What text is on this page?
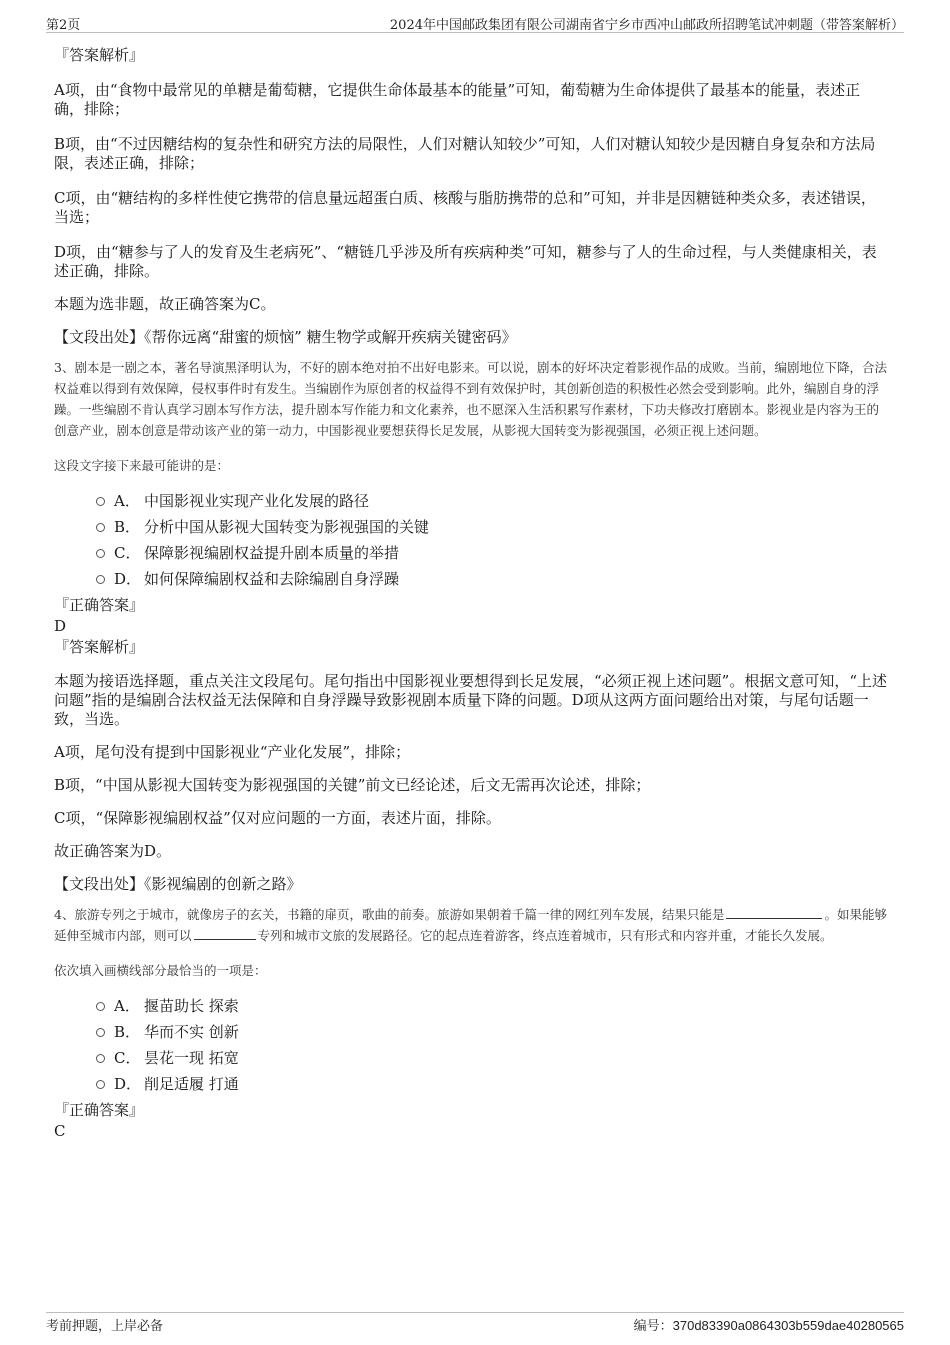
第2页	2024年中国邮政集团有限公司湖南省宁乡市西冲山邮政所招聘笔试冲刺题（带答案解析）

『答案解析』

A项，由“食物中最常见的单糖是葡萄糖，它提供生命体最基本的能量”可知，葡萄糖为生命体提供了最基本的能量，表述正确，排除；

B项，由“不过因糖结构的复杂性和研究方法的局限性，人们对糖认知较少”可知，人们对糖认知较少是因糖自身复杂和方法局限，表述正确，排除；

C项，由“糖结构的多样性使它携带的信息量远超蛋白质、核酸与脂肪携带的总和”可知，并非是因糖链种类众多，表述错误，当选；

D项，由“糖参与了人的发育及生老病死”、“糖链几乎涉及所有疾病种类”可知，糖参与了人的生命过程，与人类健康相关，表述正确，排除。

本题为选非题，故正确答案为C。

【文段出处】《帮你远离“甜蜜的烦恼” 糖生物学或解开疾病关键密码》

3、剧本是一剧之本，著名导演黑泽明认为，不好的剧本绝对拍不出好电影来。可以说，剧本的好坏决定着影视作品的成败。当前，编剧地位下降，合法权益难以得到有效保障，侵权事件时有发生。当编剧作为原创者的权益得不到有效保护时，其创新创造的积极性必然会受到影响。此外，编剧自身的浮躁。一些编剧不肯认真学习剧本写作方法，提升剧本写作能力和文化素养，也不愿深入生活积累写作素材，下功夫修改打磨剧本。影视业是内容为王的创意产业，剧本创意是带动该产业的第一动力，中国影视业要想获得长足发展，从影视大国转变为影视强国，必须正视上述问题。

这段文字接下来最可能讲的是：

A． 中国影视业实现产业化发展的路径
B． 分析中国从影视大国转变为影视强国的关键
C． 保障影视编剧权益提升剧本质量的举措
D． 如何保障编剧权益和去除编剧自身浮躁

『正确答案』

D

『答案解析』

本题为接语选择题，重点关注文段尾句。尾句指出中国影视业要想得到长足发展，“必须正视上述问题”。根据文意可知，“上述问题”指的是编剧合法权益无法保障和自身浮躁导致影视剧本质量下降的问题。D项从这两方面问题给出对策，与尾句话题一致，当选。

A项，尾句没有提到中国影视业“产业化发展”，排除；

B项，“中国从影视大国转变为影视强国的关键”前文已经论述，后文无需再次论述，排除；

C项，“保障影视编剧权益”仅对应问题的一方面，表述片面，排除。

故正确答案为D。

【文段出处】《影视编剧的创新之路》

4、旅游专列之于城市，就像房子的玄关，书籍的扉页，歌曲的前奏。旅游如果朝着千篇一律的网红列车发展，结果只能是	。如果能够延伸至城市内部，则可以	专列和城市文旅的发展路径。它的起点连着游客，终点连着城市，只有形式和内容并重，才能长久发展。

依次填入画横线部分最恰当的一项是：

A． 揠苗助长 探索
B． 华而不实 创新
C． 昙花一现 拓宽
D． 削足适履 打通

『正确答案』

C

考前押题，上岸必备	编号：370d83390a0864303b559dae40280565
